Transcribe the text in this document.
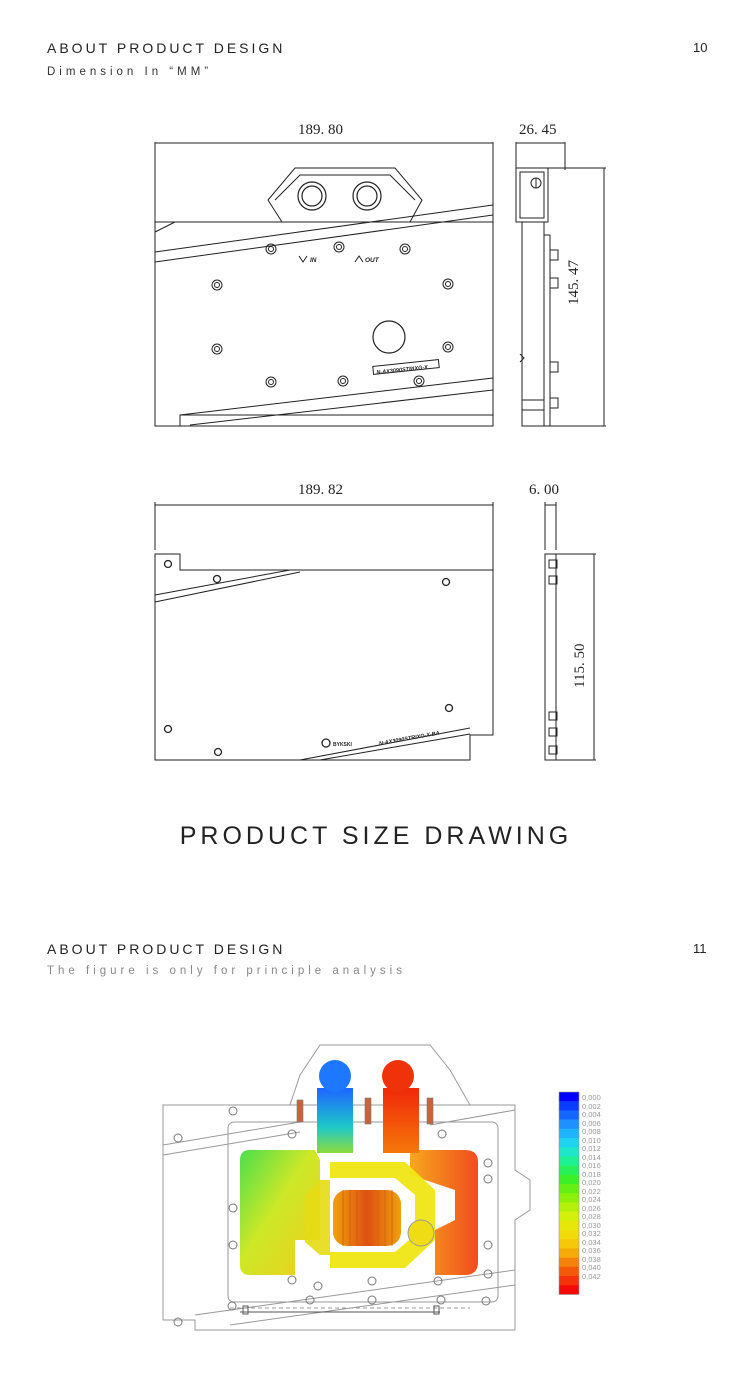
ABOUT PRODUCT DESIGN
Dimension In “MM”
10
IN	OUT
N-AX3090STRIXG-X
189. 80	26. 45
145. 47
BYKSKI	N-AX3090STRIXG-X-BA
189. 82	6. 00
115. 50
PRODUCT SIZE DRAWING
ABOUT PRODUCT DESIGN
The figure is only for principle analysis
11
0,000
0,002
0,004
0,006
0,008
0,010
0,012
0,014
0,016
0,018
0,020
0,022
0,024
0,026
0,028
0,030
0,032
0,034
0,036
0,038
0,040
0,042
